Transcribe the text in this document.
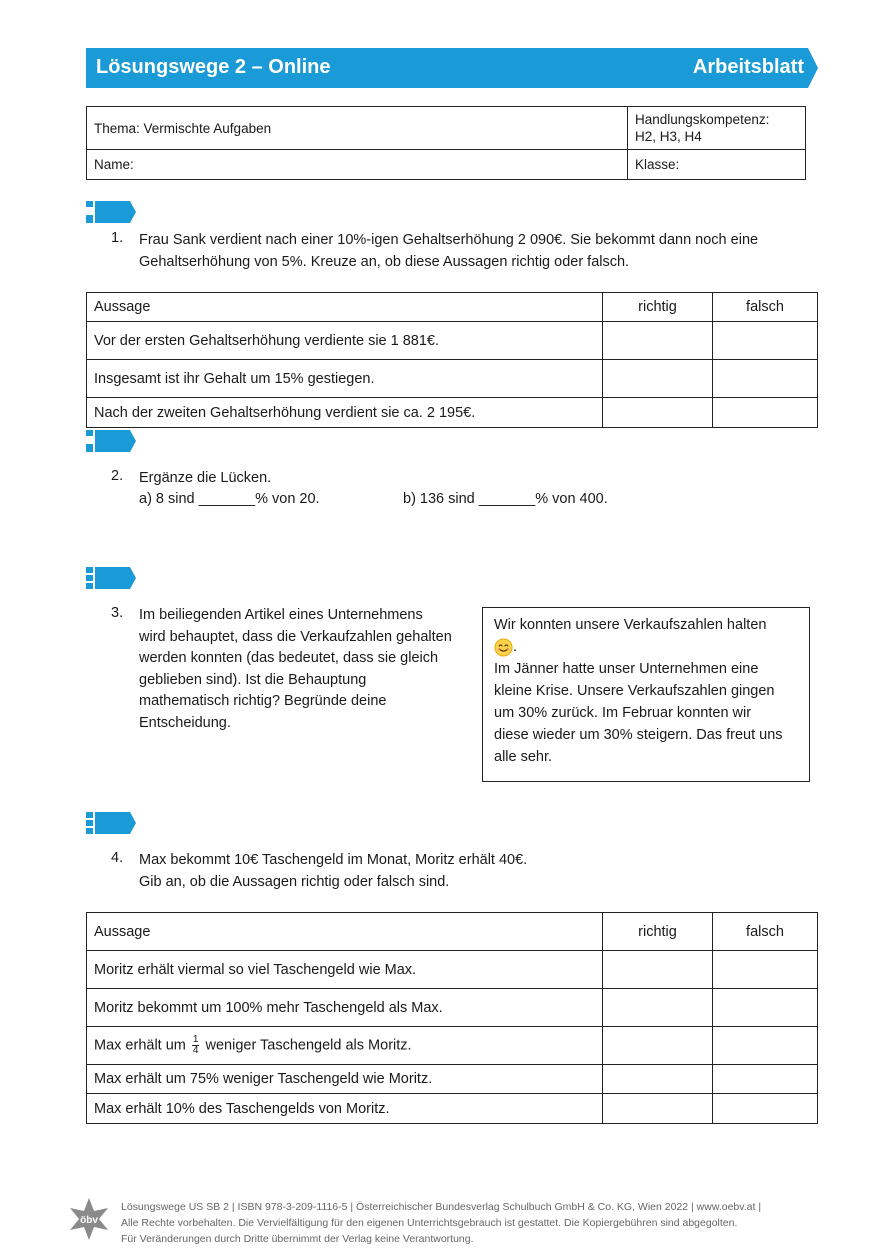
Lösungswege 2 – Online	Arbeitsblatt
Thema: Vermischte Aufgaben	Handlungskompetenz:
H2, H3, H4

Name:	Klasse:
1. Frau Sank verdient nach einer 10%-igen Gehaltserhöhung 2 090€. Sie bekommt dann noch eine
Gehaltserhöhung von 5%. Kreuze an, ob diese Aussagen richtig oder falsch.
Aussage	richtig	falsch
Vor der ersten Gehaltserhöhung verdiente sie 1 881€.		
Insgesamt ist ihr Gehalt um 15% gestiegen.		
Nach der zweiten Gehaltserhöhung verdient sie ca. 2 195€.		
2. Ergänze die Lücken.
a) 8 sind _______% von 20.	b) 136 sind _______% von 400.
3. Im beiliegenden Artikel eines Unternehmens
wird behauptet, dass die Verkaufzahlen gehalten
werden konnten (das bedeutet, dass sie gleich
geblieben sind). Ist die Behauptung
mathematisch richtig? Begründe deine
Entscheidung.
Wir konnten unsere Verkaufszahlen halten
.
Im Jänner hatte unser Unternehmen eine
kleine Krise. Unsere Verkaufszahlen gingen
um 30% zurück. Im Februar konnten wir
diese wieder um 30% steigern. Das freut uns
alle sehr.
4. Max bekommt 10€ Taschengeld im Monat, Moritz erhält 40€.
Gib an, ob die Aussagen richtig oder falsch sind.
Aussage	richtig	falsch
Moritz erhält viermal so viel Taschengeld wie Max.		
Moritz bekommt um 100% mehr Taschengeld als Max.		
Max erhält um $\frac{1}{4}$ weniger Taschengeld als Moritz.		
Max erhält um 75% weniger Taschengeld wie Moritz.		
Max erhält 10% des Taschengelds von Moritz.		
öbv
Lösungswege US SB 2 | ISBN 978-3-209-1116-5 | Österreichischer Bundesverlag Schulbuch GmbH & Co. KG, Wien 2022 | www.oebv.at |
Alle Rechte vorbehalten. Die Vervielfältigung für den eigenen Unterrichtsgebrauch ist gestattet. Die Kopiergebühren sind abgegolten.
Für Veränderungen durch Dritte übernimmt der Verlag keine Verantwortung.
